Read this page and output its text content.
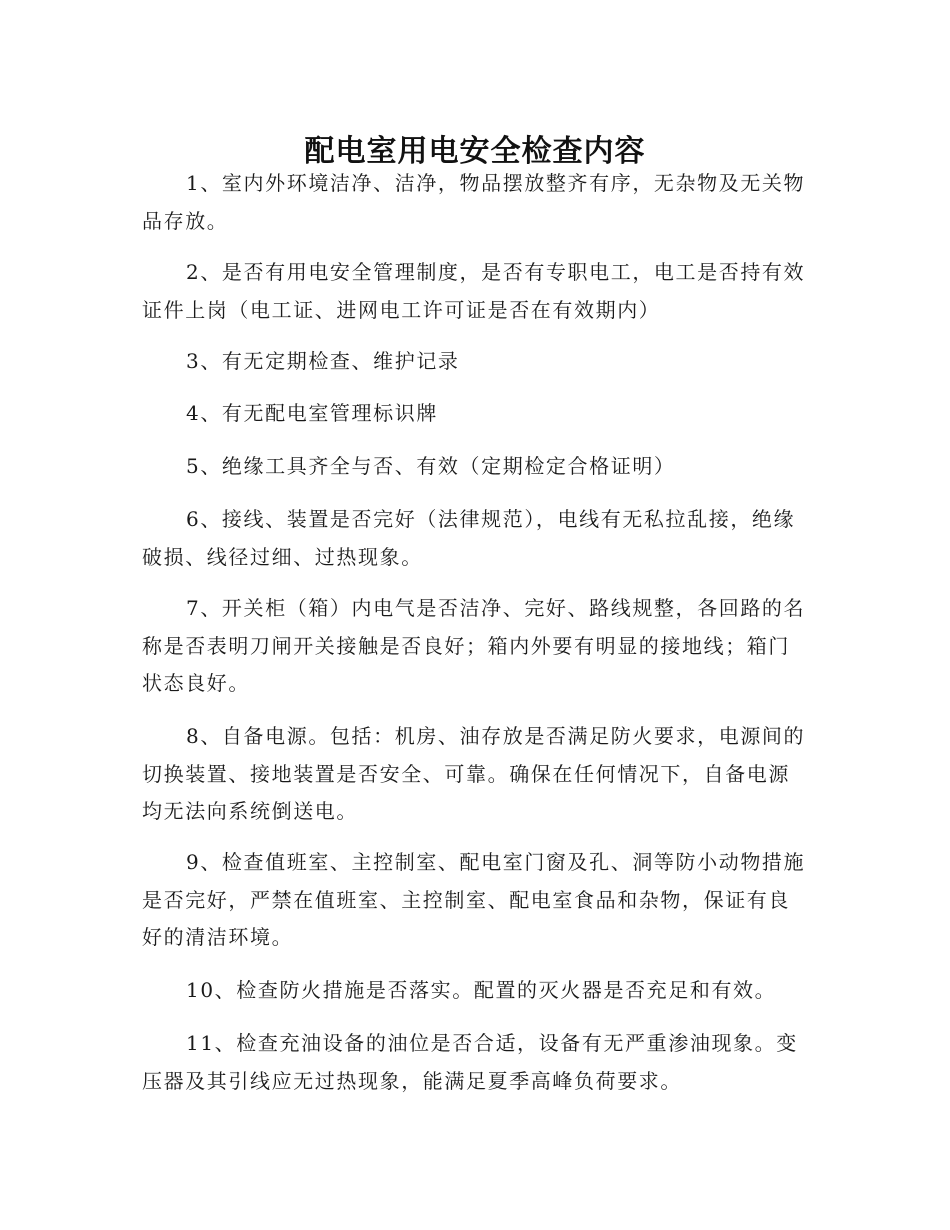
配电室用电安全检查内容

1、室内外环境洁净、洁净，物品摆放整齐有序，无杂物及无关物品存放。

2、是否有用电安全管理制度，是否有专职电工，电工是否持有效证件上岗（电工证、进网电工许可证是否在有效期内）

3、有无定期检查、维护记录

4、有无配电室管理标识牌

5、绝缘工具齐全与否、有效（定期检定合格证明）

6、接线、装置是否完好（法律规范），电线有无私拉乱接，绝缘破损、线径过细、过热现象。

7、开关柜（箱）内电气是否洁净、完好、路线规整，各回路的名称是否表明刀闸开关接触是否良好；箱内外要有明显的接地线；箱门状态良好。

8、自备电源。包括：机房、油存放是否满足防火要求，电源间的切换装置、接地装置是否安全、可靠。确保在任何情况下，自备电源均无法向系统倒送电。

9、检查值班室、主控制室、配电室门窗及孔、洞等防小动物措施是否完好，严禁在值班室、主控制室、配电室食品和杂物，保证有良好的清洁环境。

10、检查防火措施是否落实。配置的灭火器是否充足和有效。

11、检查充油设备的油位是否合适，设备有无严重渗油现象。变压器及其引线应无过热现象，能满足夏季高峰负荷要求。
